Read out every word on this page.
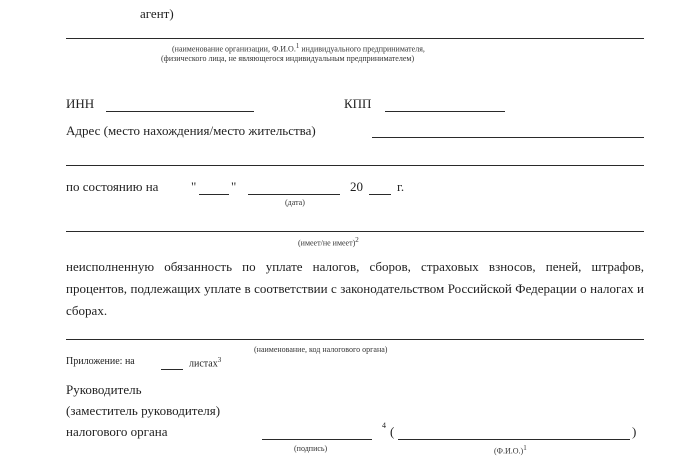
агент)
(наименование организации, Ф.И.О.1 индивидуального предпринимателя,
(физического лица, не являющегося индивидуальным предпринимателем)
ИНН	КПП
Адрес (место нахождения/место жительства)
по состоянию на	"	"	20	г.
(дата)
(имеет/не имеет)2
неисполненную обязанность по уплате налогов, сборов, страховых взносов, пеней, штрафов, процентов, подлежащих уплате в соответствии с законодательством Российской Федерации о налогах и сборах.
(наименование, код налогового органа)
Приложение: на	листах$^3$
Руководитель
(заместитель руководителя)
налогового органа	4 (	)
(подпись)	(Ф.И.О.)1
